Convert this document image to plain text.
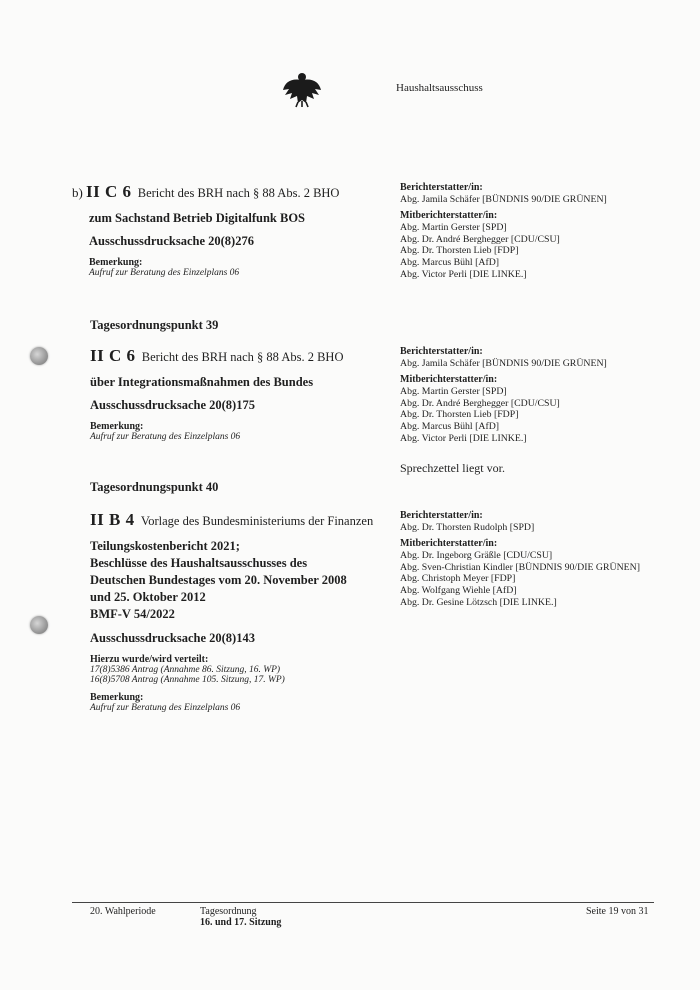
Haushaltsausschuss
b) II C 6 Bericht des BRH nach § 88 Abs. 2 BHO
zum Sachstand Betrieb Digitalfunk BOS
Ausschussdrucksache 20(8)276
Bemerkung:
Aufruf zur Beratung des Einzelplans 06
Berichterstatter/in:
Abg. Jamila Schäfer [BÜNDNIS 90/DIE GRÜNEN]
Mitberichterstatter/in:
Abg. Martin Gerster [SPD]
Abg. Dr. André Berghegger [CDU/CSU]
Abg. Dr. Thorsten Lieb [FDP]
Abg. Marcus Bühl [AfD]
Abg. Victor Perli [DIE LINKE.]
Tagesordnungspunkt 39
II C 6 Bericht des BRH nach § 88 Abs. 2 BHO
über Integrationsmaßnahmen des Bundes
Ausschussdrucksache 20(8)175
Bemerkung:
Aufruf zur Beratung des Einzelplans 06
Berichterstatter/in:
Abg. Jamila Schäfer [BÜNDNIS 90/DIE GRÜNEN]
Mitberichterstatter/in:
Abg. Martin Gerster [SPD]
Abg. Dr. André Berghegger [CDU/CSU]
Abg. Dr. Thorsten Lieb [FDP]
Abg. Marcus Bühl [AfD]
Abg. Victor Perli [DIE LINKE.]
Sprechzettel liegt vor.
Tagesordnungspunkt 40
II B 4 Vorlage des Bundesministeriums der Finanzen
Teilungskostenbericht 2021;
Beschlüsse des Haushaltsausschusses des
Deutschen Bundestages vom 20. November 2008
und 25. Oktober 2012
BMF-V 54/2022
Ausschussdrucksache 20(8)143
Hierzu wurde/wird verteilt:
17(8)5386 Antrag (Annahme 86. Sitzung, 16. WP)
16(8)5708 Antrag (Annahme 105. Sitzung, 17. WP)
Bemerkung:
Aufruf zur Beratung des Einzelplans 06
Berichterstatter/in:
Abg. Dr. Thorsten Rudolph [SPD]
Mitberichterstatter/in:
Abg. Dr. Ingeborg Gräßle [CDU/CSU]
Abg. Sven-Christian Kindler [BÜNDNIS 90/DIE GRÜNEN]
Abg. Christoph Meyer [FDP]
Abg. Wolfgang Wiehle [AfD]
Abg. Dr. Gesine Lötzsch [DIE LINKE.]
20. Wahlperiode	Tagesordnung
16. und 17. Sitzung
Seite 19 von 31
